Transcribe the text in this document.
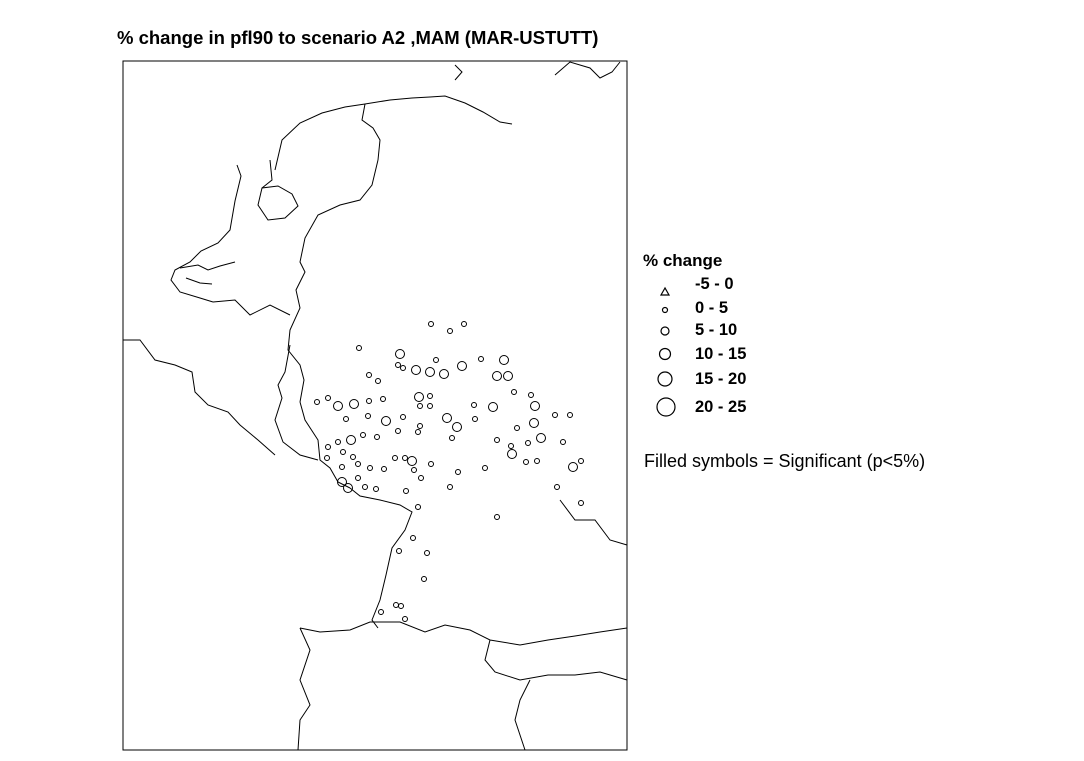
% change in pfl90 to scenario A2 ,MAM (MAR-USTUTT)
% change
-5 - 0
0 - 5
5 - 10
10 - 15
15 - 20
20 - 25
Filled symbols = Significant (p<5%)
